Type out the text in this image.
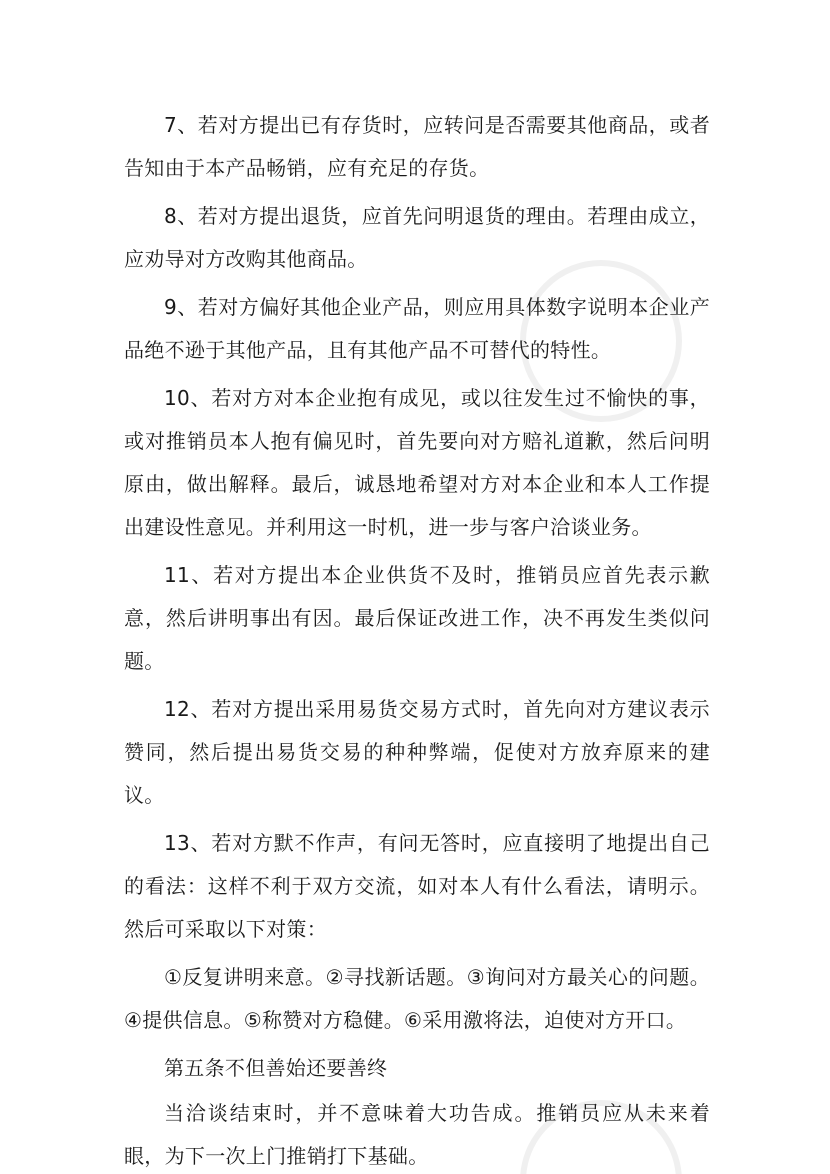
7、若对方提出已有存货时，应转问是否需要其他商品，或者告知由于本产品畅销，应有充足的存货。

8、若对方提出退货，应首先问明退货的理由。若理由成立，应劝导对方改购其他商品。

9、若对方偏好其他企业产品，则应用具体数字说明本企业产品绝不逊于其他产品，且有其他产品不可替代的特性。

10、若对方对本企业抱有成见，或以往发生过不愉快的事，或对推销员本人抱有偏见时，首先要向对方赔礼道歉，然后问明原由，做出解释。最后，诚恳地希望对方对本企业和本人工作提出建设性意见。并利用这一时机，进一步与客户洽谈业务。

11、若对方提出本企业供货不及时，推销员应首先表示歉意，然后讲明事出有因。最后保证改进工作，决不再发生类似问题。

12、若对方提出采用易货交易方式时，首先向对方建议表示赞同，然后提出易货交易的种种弊端，促使对方放弃原来的建议。

13、若对方默不作声，有问无答时，应直接明了地提出自己的看法：这样不利于双方交流，如对本人有什么看法，请明示。然后可采取以下对策：

①反复讲明来意。②寻找新话题。③询问对方最关心的问题。④提供信息。⑤称赞对方稳健。⑥采用激将法，迫使对方开口。

第五条不但善始还要善终

当洽谈结束时，并不意味着大功告成。推销员应从未来着眼，为下一次上门推销打下基础。
